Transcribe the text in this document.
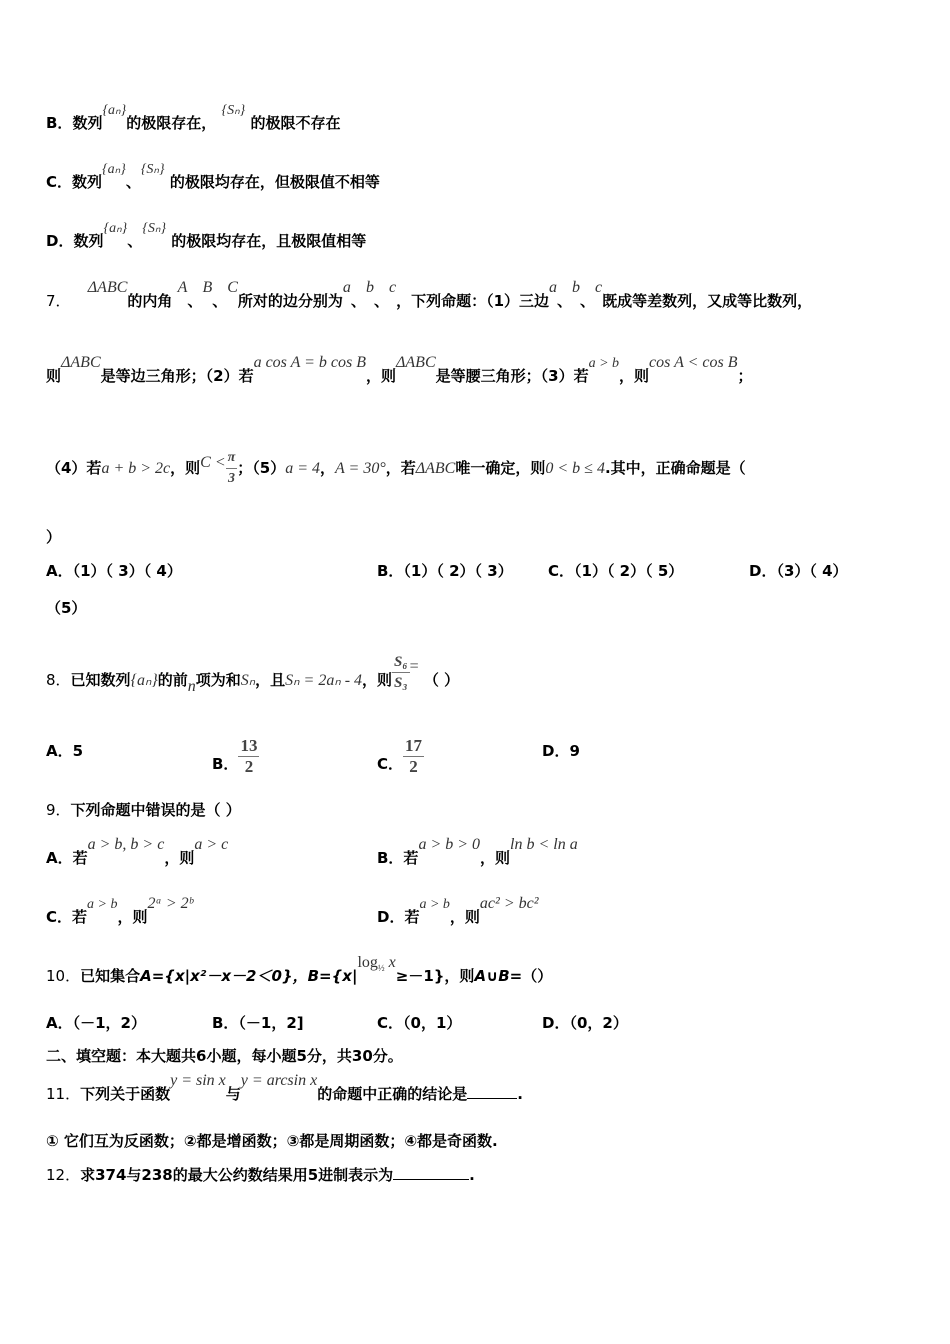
B．数列{aₙ}的极限存在， {Sₙ} 的极限不存在
C．数列{aₙ}、{Sₙ} 的极限均存在，但极限值不相等
D．数列{aₙ}、{Sₙ} 的极限均存在，且极限值相等
7． ΔABC的内角 A、B、C所对的边分别为a、b、c，下列命题：（1）三边a、b、c既成等差数列，又成等比数列，
则ΔABC是等边三角形；（2）若a cos A = b cos B，则ΔABC是等腰三角形；（3）若a > b，则cos A < cos B；
（4）若a + b > 2c，则$C < \frac{\pi}{3}$ ；（5）a = 4，A = 30°，若ΔABC唯一确定，则0 < b ≤ 4.其中，正确命题是（
）
A．（1）（ 3）（ 4）	B．（1）（ 2）（ 3） C．（1）（ 2）（ 5）	D．（3）（ 4）
（5）
8．已知数列{aₙ}的前n项为和Sₙ，且Sₙ = 2aₙ - 4，则 $\frac{\text{S₆}}{\text{S₃}}$ = （ ）
A．5
B． $\frac{13}{2}$	C． $\frac{17}{2}$	D．9
9．下列命题中错误的是（ ）
A．若a > b, b > c，则a > c
B．若a > b > 0，则ln b < ln a
C．若a > b，则2ᵃ > 2ᵇ
D．若a > b，则ac² > bc²
10．已知集合A={x|x²－x－2＜0}，$B=\{x|\log_{\frac{1}{2}}$ x≥－1}，则A∪B=（）
A．（－1，2）	B．（－1，2]	C．（0，1）	D．（0，2）
二、填空题：本大题共6小题，每小题5分，共30分。
11．下列关于函数y = sin x与y = arcsin x的命题中正确的结论是	.
① 它们互为反函数；②都是增函数；③都是周期函数；④都是奇函数.
12．求374与238的最大公约数结果用5进制表示为	.
